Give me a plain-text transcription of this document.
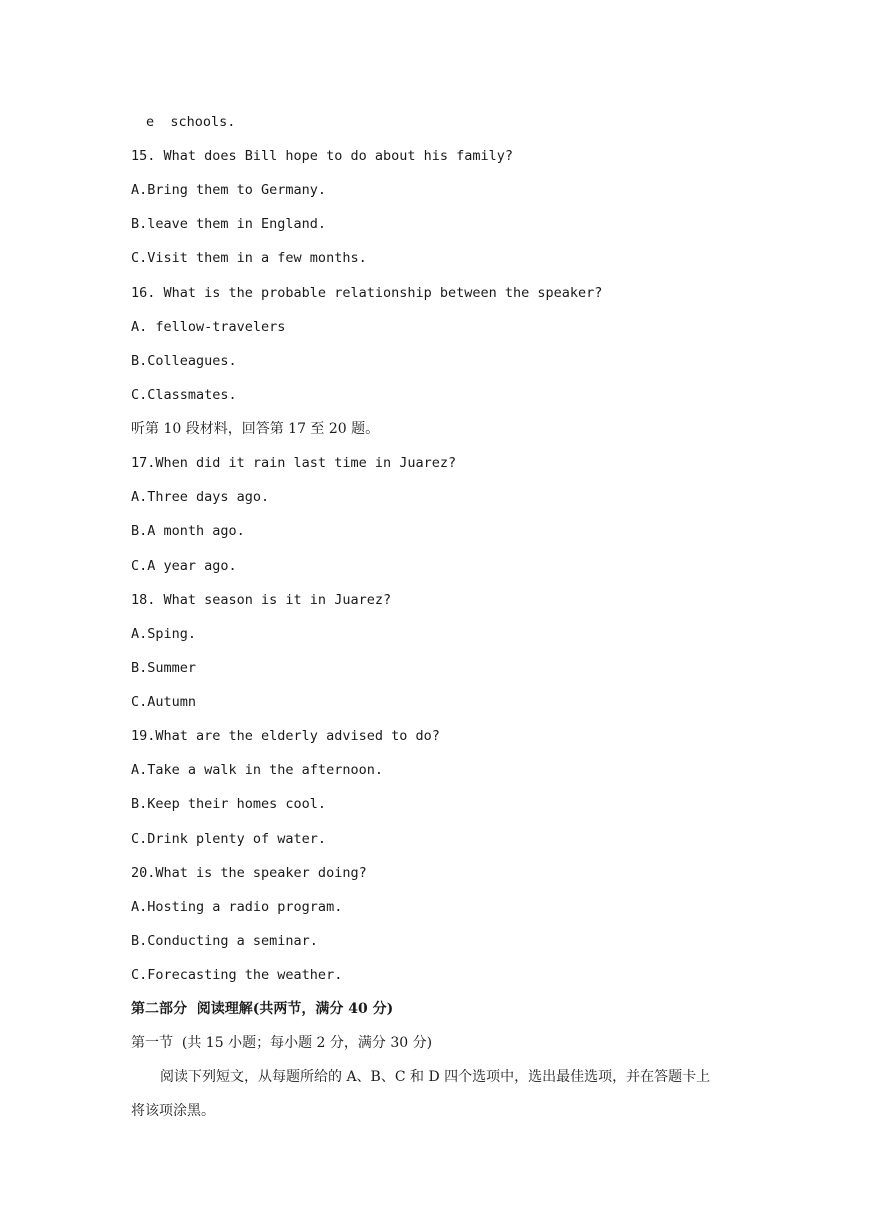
e  schools.
15. What does Bill hope to do about his family?
A.Bring them to Germany.
B.leave them in England.
C.Visit them in a few months.
16. What is the probable relationship between the speaker?
A. fellow-travelers
B.Colleagues.
C.Classmates.
听第 10 段材料，回答第 17 至 20 题。
17.When did it rain last time in Juarez?
A.Three days ago.
B.A month ago.
C.A year ago.
18. What season is it in Juarez?
A.Sping.
B.Summer
C.Autumn
19.What are the elderly advised to do?
A.Take a walk in the afternoon.
B.Keep their homes cool.
C.Drink plenty of water.
20.What is the speaker doing?
A.Hosting a radio program.
B.Conducting a seminar.
C.Forecasting the weather.
第二部分  阅读理解(共两节，满分 40 分)
第一节  (共 15 小题；每小题 2 分，满分 30 分)
阅读下列短文，从每题所给的 A、B、C 和 D 四个选项中，选出最佳选项，并在答题卡上
将该项涂黑。
